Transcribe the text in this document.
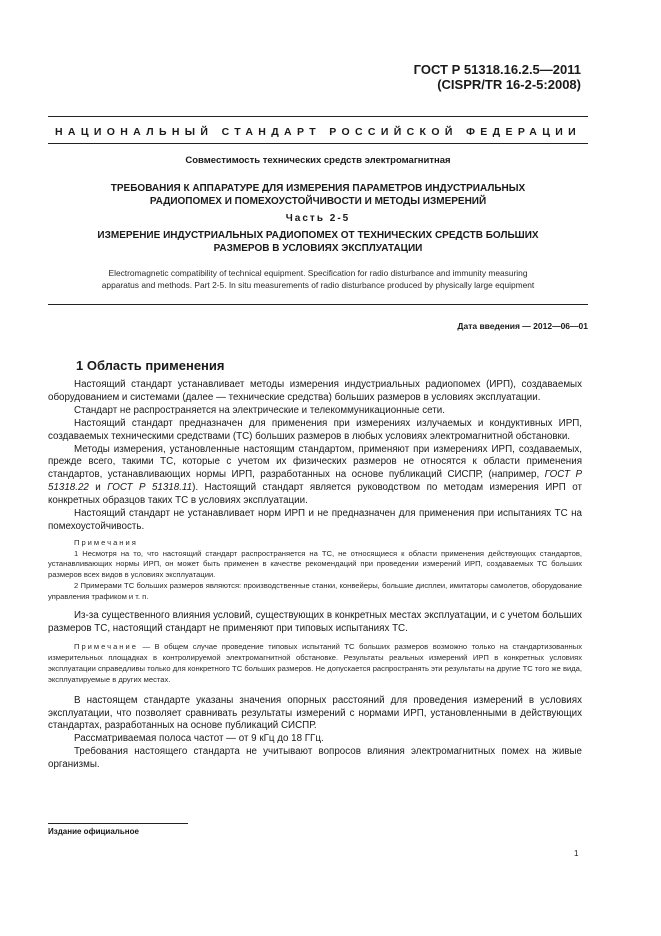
ГОСТ Р 51318.16.2.5—2011
(CISPR/TR 16-2-5:2008)
НАЦИОНАЛЬНЫЙ СТАНДАРТ РОССИЙСКОЙ ФЕДЕРАЦИИ
Совместимость технических средств электромагнитная
ТРЕБОВАНИЯ К АППАРАТУРЕ ДЛЯ ИЗМЕРЕНИЯ ПАРАМЕТРОВ ИНДУСТРИАЛЬНЫХ
РАДИОПОМЕХ И ПОМЕХОУСТОЙЧИВОСТИ И МЕТОДЫ ИЗМЕРЕНИЙ
Часть 2-5
ИЗМЕРЕНИЕ ИНДУСТРИАЛЬНЫХ РАДИОПОМЕХ ОТ ТЕХНИЧЕСКИХ СРЕДСТВ БОЛЬШИХ
РАЗМЕРОВ В УСЛОВИЯХ ЭКСПЛУАТАЦИИ
Electromagnetic compatibility of technical equipment. Specification for radio disturbance and immunity measuring
apparatus and methods. Part 2-5. In situ measurements of radio disturbance produced by physically large equipment
Дата введения — 2012—06—01
1 Область применения

Настоящий стандарт устанавливает методы измерения индустриальных радиопомех (ИРП), создаваемых оборудованием и системами (далее — технические средства) больших размеров в условиях эксплуатации.

Стандарт не распространяется на электрические и телекоммуникационные сети.

Настоящий стандарт предназначен для применения при измерениях излучаемых и кондуктивных ИРП, создаваемых техническими средствами (ТС) больших размеров в любых условиях электромагнитной обстановки.

Методы измерения, установленные настоящим стандартом, применяют при измерениях ИРП, создаваемых, прежде всего, такими ТС, которые с учетом их физических размеров не относятся к области применения стандартов, устанавливающих нормы ИРП, разработанных на основе публикаций СИСПР, (например, ГОСТ Р 51318.22 и ГОСТ Р 51318.11). Настоящий стандарт является руководством по методам измерения ИРП от конкретных образцов таких ТС в условиях эксплуатации.

Настоящий стандарт не устанавливает норм ИРП и не предназначен для применения при испытаниях ТС на помехоустойчивость.

Примечания

1 Несмотря на то, что настоящий стандарт распространяется на ТС, не относящиеся к области применения действующих стандартов, устанавливающих нормы ИРП, он может быть применен в качестве рекомендаций при проведении измерений ИРП, создаваемых ТС больших размеров всех видов в условиях эксплуатации.

2 Примерами ТС больших размеров являются: производственные станки, конвейеры, большие дисплеи, имитаторы самолетов, оборудование управления трафиком и т. п.

Из-за существенного влияния условий, существующих в конкретных местах эксплуатации, и с учетом больших размеров ТС, настоящий стандарт не применяют при типовых испытаниях ТС.

Примечание — В общем случае проведение типовых испытаний ТС больших размеров возможно только на стандартизованных измерительных площадках в контролируемой электромагнитной обстановке. Результаты реальных измерений ИРП в конкретных условиях эксплуатации справедливы только для конкретного ТС больших размеров. Не допускается распространять эти результаты на другие ТС того же вида, эксплуатируемые в других местах.

В настоящем стандарте указаны значения опорных расстояний для проведения измерений в условиях эксплуатации, что позволяет сравнивать результаты измерений с нормами ИРП, установленными в действующих стандартах, разработанных на основе публикаций СИСПР.

Рассматриваемая полоса частот — от 9 кГц до 18 ГГц.

Требования настоящего стандарта не учитывают вопросов влияния электромагнитных помех на живые организмы.

Издание официальное
1
